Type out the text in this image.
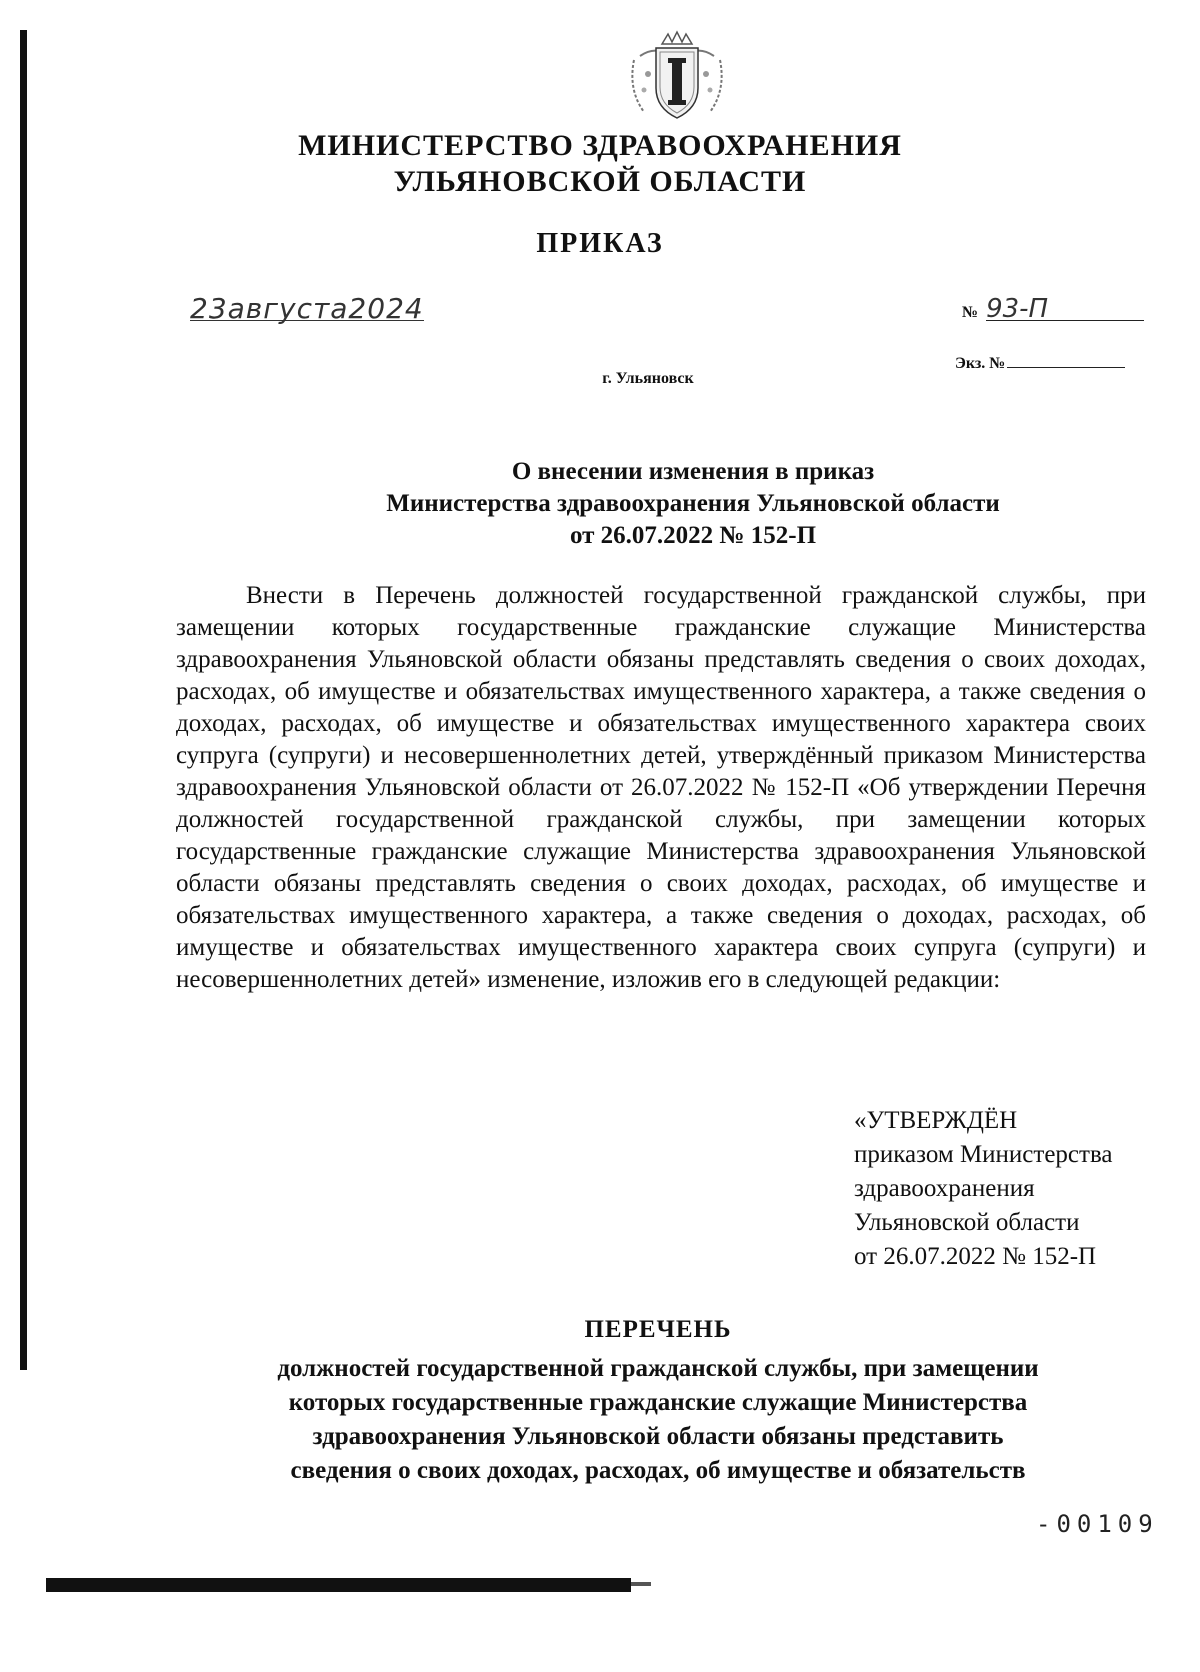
МИНИСТЕРСТВО ЗДРАВООХРАНЕНИЯ
УЛЬЯНОВСКОЙ ОБЛАСТИ
ПРИКАЗ
23августа2024	№ 93-П
Экз. №
г. Ульяновск
О внесении изменения в приказ
Министерства здравоохранения Ульяновской области
от 26.07.2022 № 152-П
Внести в Перечень должностей государственной гражданской службы, при замещении которых государственные гражданские служащие Министерства здравоохранения Ульяновской области обязаны представлять сведения о своих доходах, расходах, об имуществе и обязательствах имущественного характера, а также сведения о доходах, расходах, об имуществе и обязательствах имущественного характера своих супруга (супруги) и несовершеннолетних детей, утверждённый приказом Министерства здравоохранения Ульяновской области от 26.07.2022 № 152-П «Об утверждении Перечня должностей государственной гражданской службы, при замещении которых государственные гражданские служащие Министерства здравоохранения Ульяновской области обязаны представлять сведения о своих доходах, расходах, об имуществе и обязательствах имущественного характера, а также сведения о доходах, расходах, об имуществе и обязательствах имущественного характера своих супруга (супруги) и несовершеннолетних детей» изменение, изложив его в следующей редакции:
«УТВЕРЖДЁН
приказом Министерства
здравоохранения
Ульяновской области
от 26.07.2022 № 152-П
ПЕРЕЧЕНЬ
должностей государственной гражданской службы, при замещении
которых государственные гражданские служащие Министерства
здравоохранения Ульяновской области обязаны представить
сведения о своих доходах, расходах, об имуществе и обязательств
-00109
